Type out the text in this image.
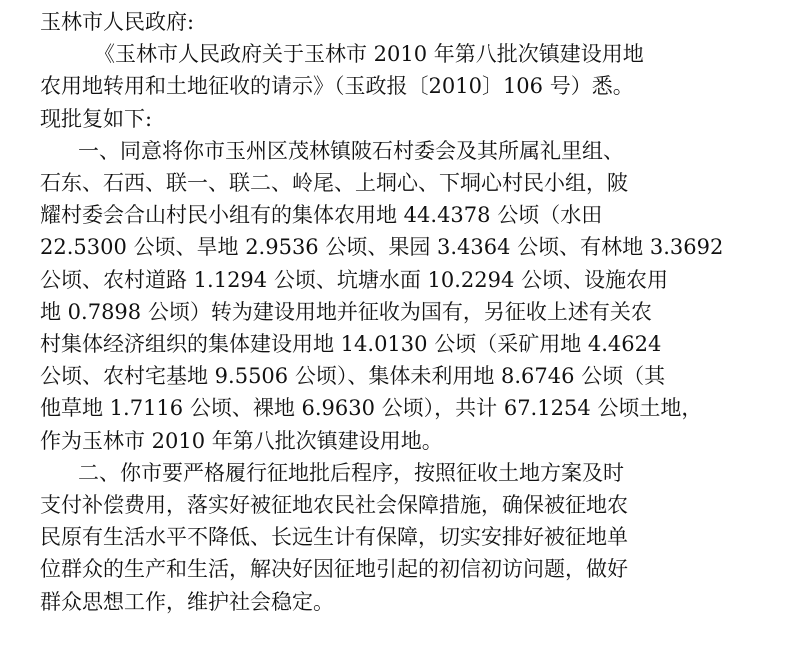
玉林市人民政府:

《玉林市人民政府关于玉林市 2010 年第八批次镇建设用地

农用地转用和土地征收的请示》（玉政报〔2010〕106 号）悉。

现批复如下:

一、同意将你市玉州区茂林镇陂石村委会及其所属礼里组、

石东、石西、联一、联二、岭尾、上垌心、下垌心村民小组，陂

耀村委会合山村民小组有的集体农用地 44.4378 公顷（水田

22.5300 公顷、旱地 2.9536 公顷、果园 3.4364 公顷、有林地 3.3692

公顷、农村道路 1.1294 公顷、坑塘水面 10.2294 公顷、设施农用

地 0.7898 公顷）转为建设用地并征收为国有，另征收上述有关农

村集体经济组织的集体建设用地 14.0130 公顷（采矿用地 4.4624

公顷、农村宅基地 9.5506 公顷）、集体未利用地 8.6746 公顷（其

他草地 1.7116 公顷、裸地 6.9630 公顷），共计 67.1254 公顷土地，

作为玉林市 2010 年第八批次镇建设用地。

二、你市要严格履行征地批后程序，按照征收土地方案及时

支付补偿费用，落实好被征地农民社会保障措施，确保被征地农

民原有生活水平不降低、长远生计有保障，切实安排好被征地单

位群众的生产和生活，解决好因征地引起的初信初访问题，做好

群众思想工作，维护社会稳定。
